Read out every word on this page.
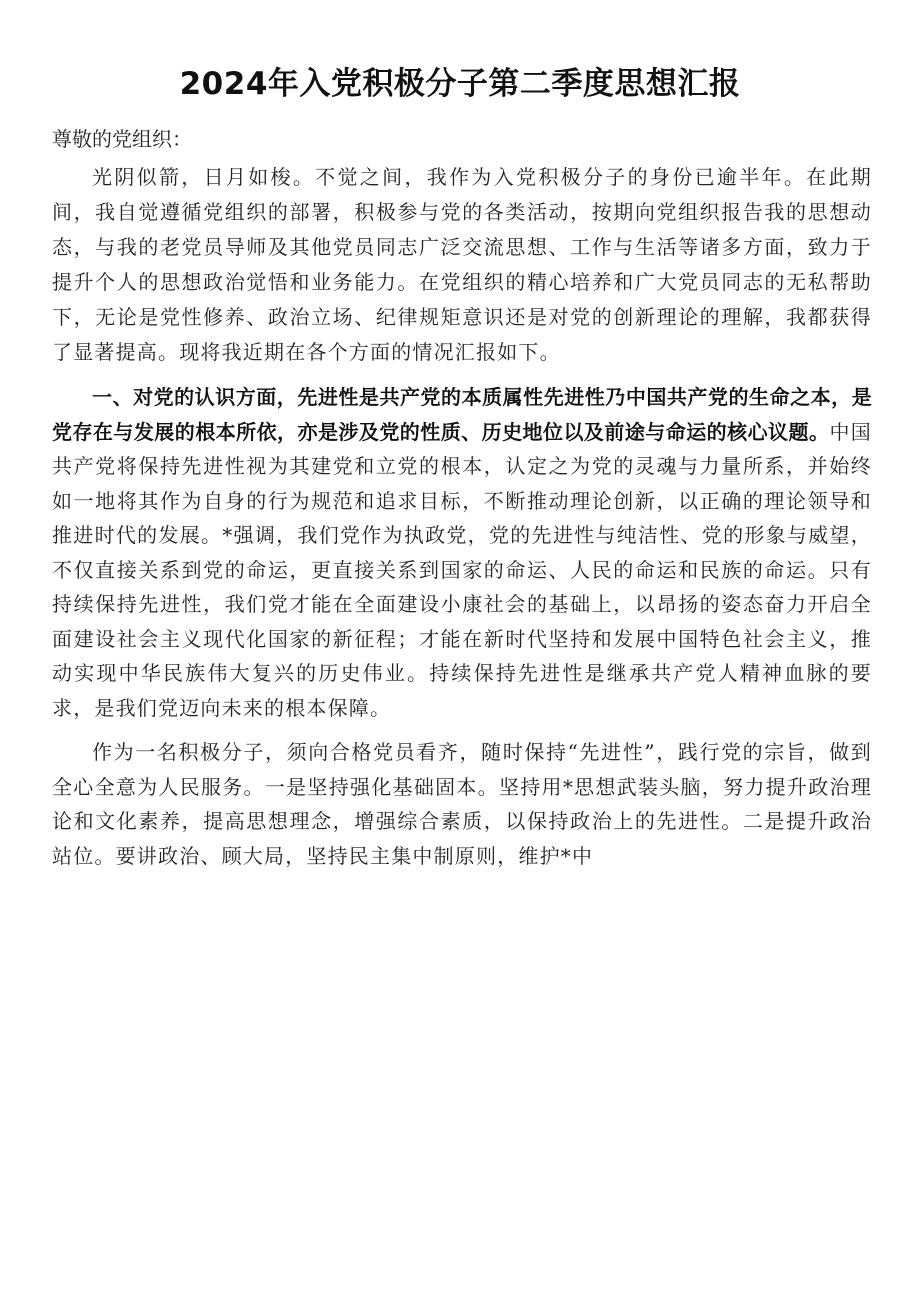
2024年入党积极分子第二季度思想汇报

尊敬的党组织：

光阴似箭，日月如梭。不觉之间，我作为入党积极分子的身份已逾半年。在此期间，我自觉遵循党组织的部署，积极参与党的各类活动，按期向党组织报告我的思想动态，与我的老党员导师及其他党员同志广泛交流思想、工作与生活等诸多方面，致力于提升个人的思想政治觉悟和业务能力。在党组织的精心培养和广大党员同志的无私帮助下，无论是党性修养、政治立场、纪律规矩意识还是对党的创新理论的理解，我都获得了显著提高。现将我近期在各个方面的情况汇报如下。

一、对党的认识方面，先进性是共产党的本质属性先进性乃中国共产党的生命之本，是党存在与发展的根本所依，亦是涉及党的性质、历史地位以及前途与命运的核心议题。中国共产党将保持先进性视为其建党和立党的根本，认定之为党的灵魂与力量所系，并始终如一地将其作为自身的行为规范和追求目标，不断推动理论创新，以正确的理论领导和推进时代的发展。*强调，我们党作为执政党，党的先进性与纯洁性、党的形象与威望，不仅直接关系到党的命运，更直接关系到国家的命运、人民的命运和民族的命运。只有持续保持先进性，我们党才能在全面建设小康社会的基础上，以昂扬的姿态奋力开启全面建设社会主义现代化国家的新征程；才能在新时代坚持和发展中国特色社会主义，推动实现中华民族伟大复兴的历史伟业。持续保持先进性是继承共产党人精神血脉的要求，是我们党迈向未来的根本保障。

作为一名积极分子，须向合格党员看齐，随时保持“先进性”，践行党的宗旨，做到全心全意为人民服务。一是坚持强化基础固本。坚持用*思想武装头脑，努力提升政治理论和文化素养，提高思想理念，增强综合素质，以保持政治上的先进性。二是提升政治站位。要讲政治、顾大局，坚持民主集中制原则，维护*中
